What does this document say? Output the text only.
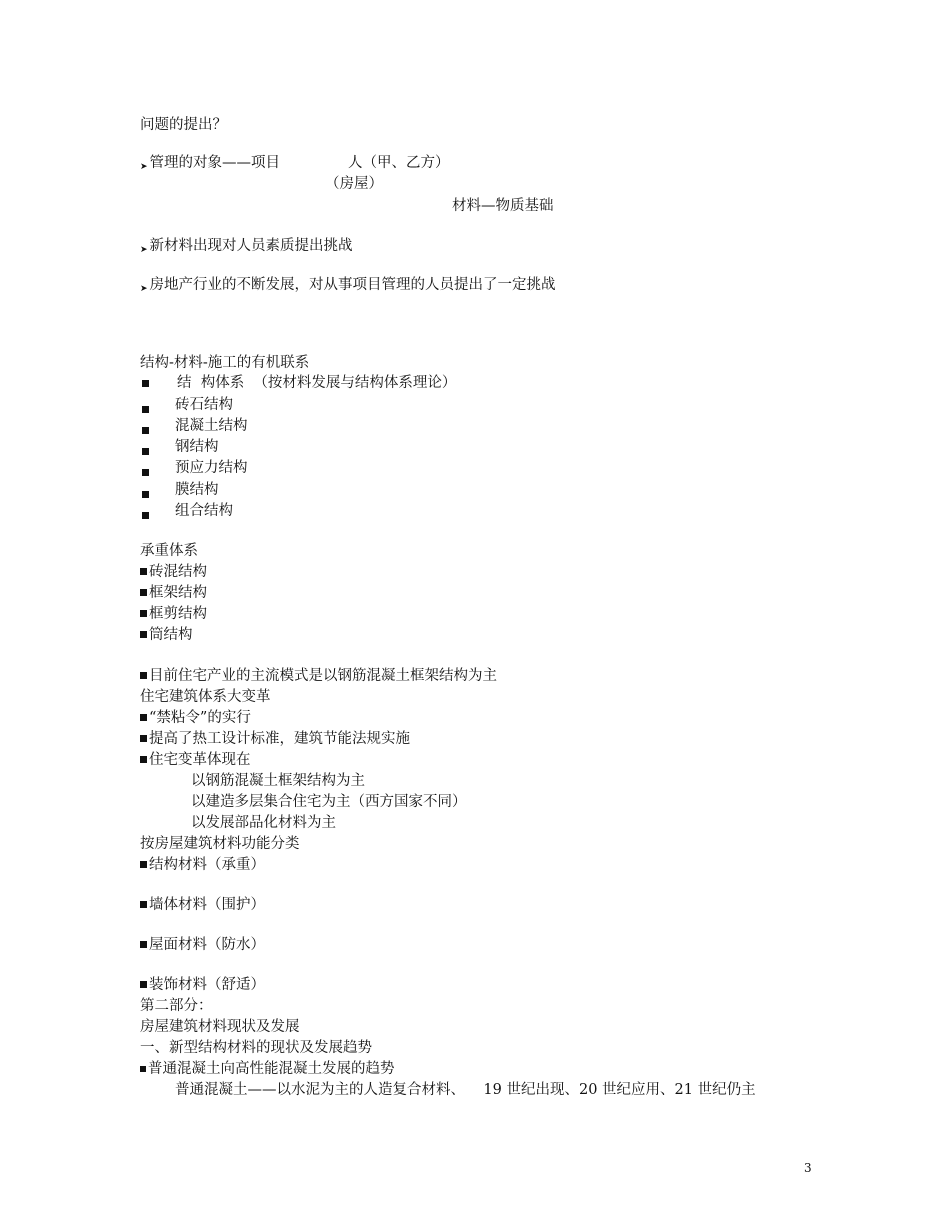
问题的提出？
➤ 管理的对象——项目	人（甲、乙方）
（房屋）
材料—物质基础
➤ 新材料出现对人员素质提出挑战
➤ 房地产行业的不断发展，对从事项目管理的人员提出了一定挑战
结构-材料-施工的有机联系
结  构体系  （按材料发展与结构体系理论）
砖石结构
混凝土结构
钢结构
预应力结构
膜结构
组合结构
承重体系
砖混结构
框架结构
框剪结构
筒结构
目前住宅产业的主流模式是以钢筋混凝土框架结构为主
住宅建筑体系大变革
“禁粘令”的实行
提高了热工设计标准，建筑节能法规实施
住宅变革体现在
以钢筋混凝土框架结构为主
以建造多层集合住宅为主（西方国家不同）
以发展部品化材料为主
按房屋建筑材料功能分类
结构材料（承重）
墙体材料（围护）
屋面材料（防水）
装饰材料（舒适）
第二部分：
房屋建筑材料现状及发展
一、新型结构材料的现状及发展趋势
普通混凝土向高性能混凝土发展的趋势
普通混凝土——以水泥为主的人造复合材料、    19 世纪出现、20 世纪应用、21 世纪仍主
3
